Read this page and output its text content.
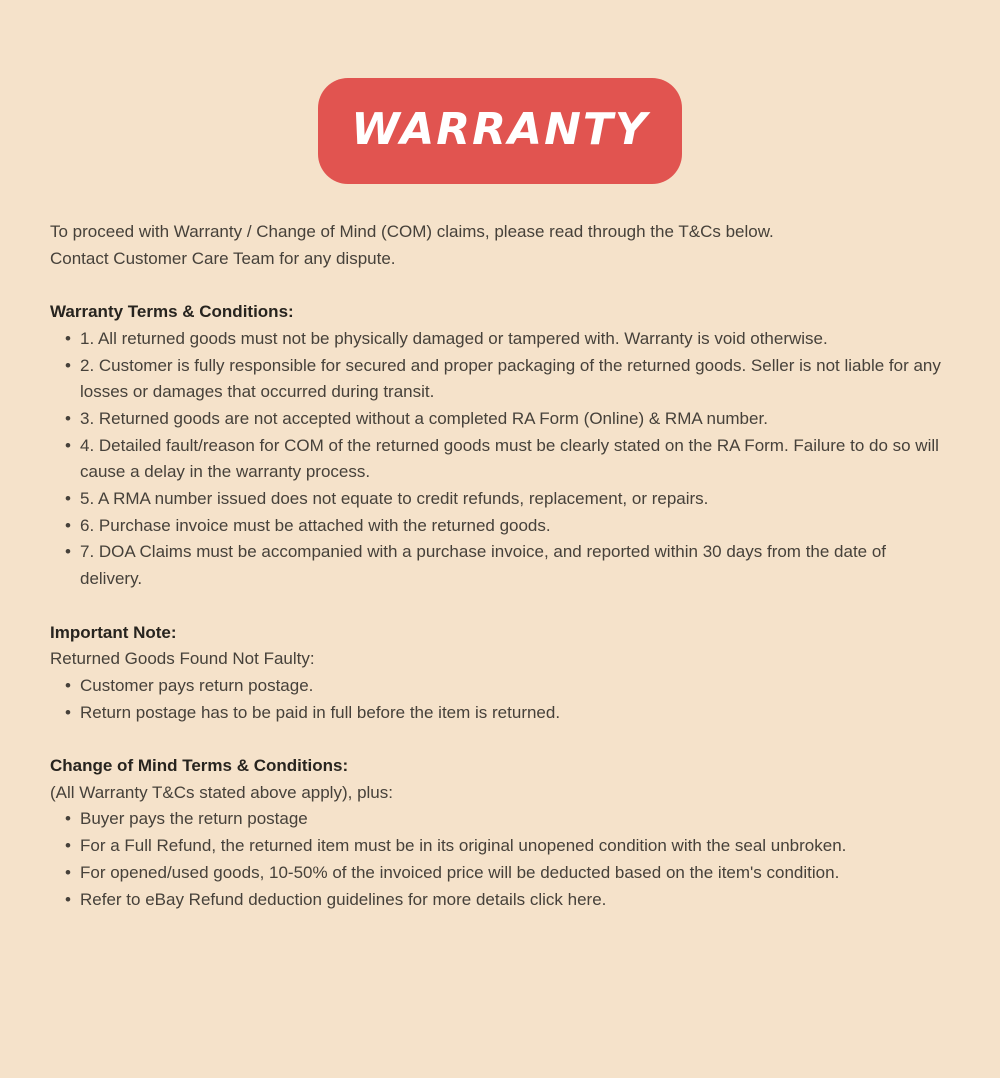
WARRANTY
To proceed with Warranty / Change of Mind (COM) claims, please read through the T&Cs below.
Contact Customer Care Team for any dispute.
Warranty Terms & Conditions:
• 1. All returned goods must not be physically damaged or tampered with. Warranty is void otherwise.
• 2. Customer is fully responsible for secured and proper packaging of the returned goods. Seller is not liable for any losses or damages that occurred during transit.
• 3. Returned goods are not accepted without a completed RA Form (Online) & RMA number.
• 4. Detailed fault/reason for COM of the returned goods must be clearly stated on the RA Form. Failure to do so will cause a delay in the warranty process.
• 5. A RMA number issued does not equate to credit refunds, replacement, or repairs.
• 6. Purchase invoice must be attached with the returned goods.
• 7. DOA Claims must be accompanied with a purchase invoice, and reported within 30 days from the date of delivery.
Important Note:
Returned Goods Found Not Faulty:
• Customer pays return postage.
• Return postage has to be paid in full before the item is returned.
Change of Mind Terms & Conditions:
(All Warranty T&Cs stated above apply), plus:
• Buyer pays the return postage
• For a Full Refund, the returned item must be in its original unopened condition with the seal unbroken.
• For opened/used goods, 10-50% of the invoiced price will be deducted based on the item's condition.
• Refer to eBay Refund deduction guidelines for more details click here.
